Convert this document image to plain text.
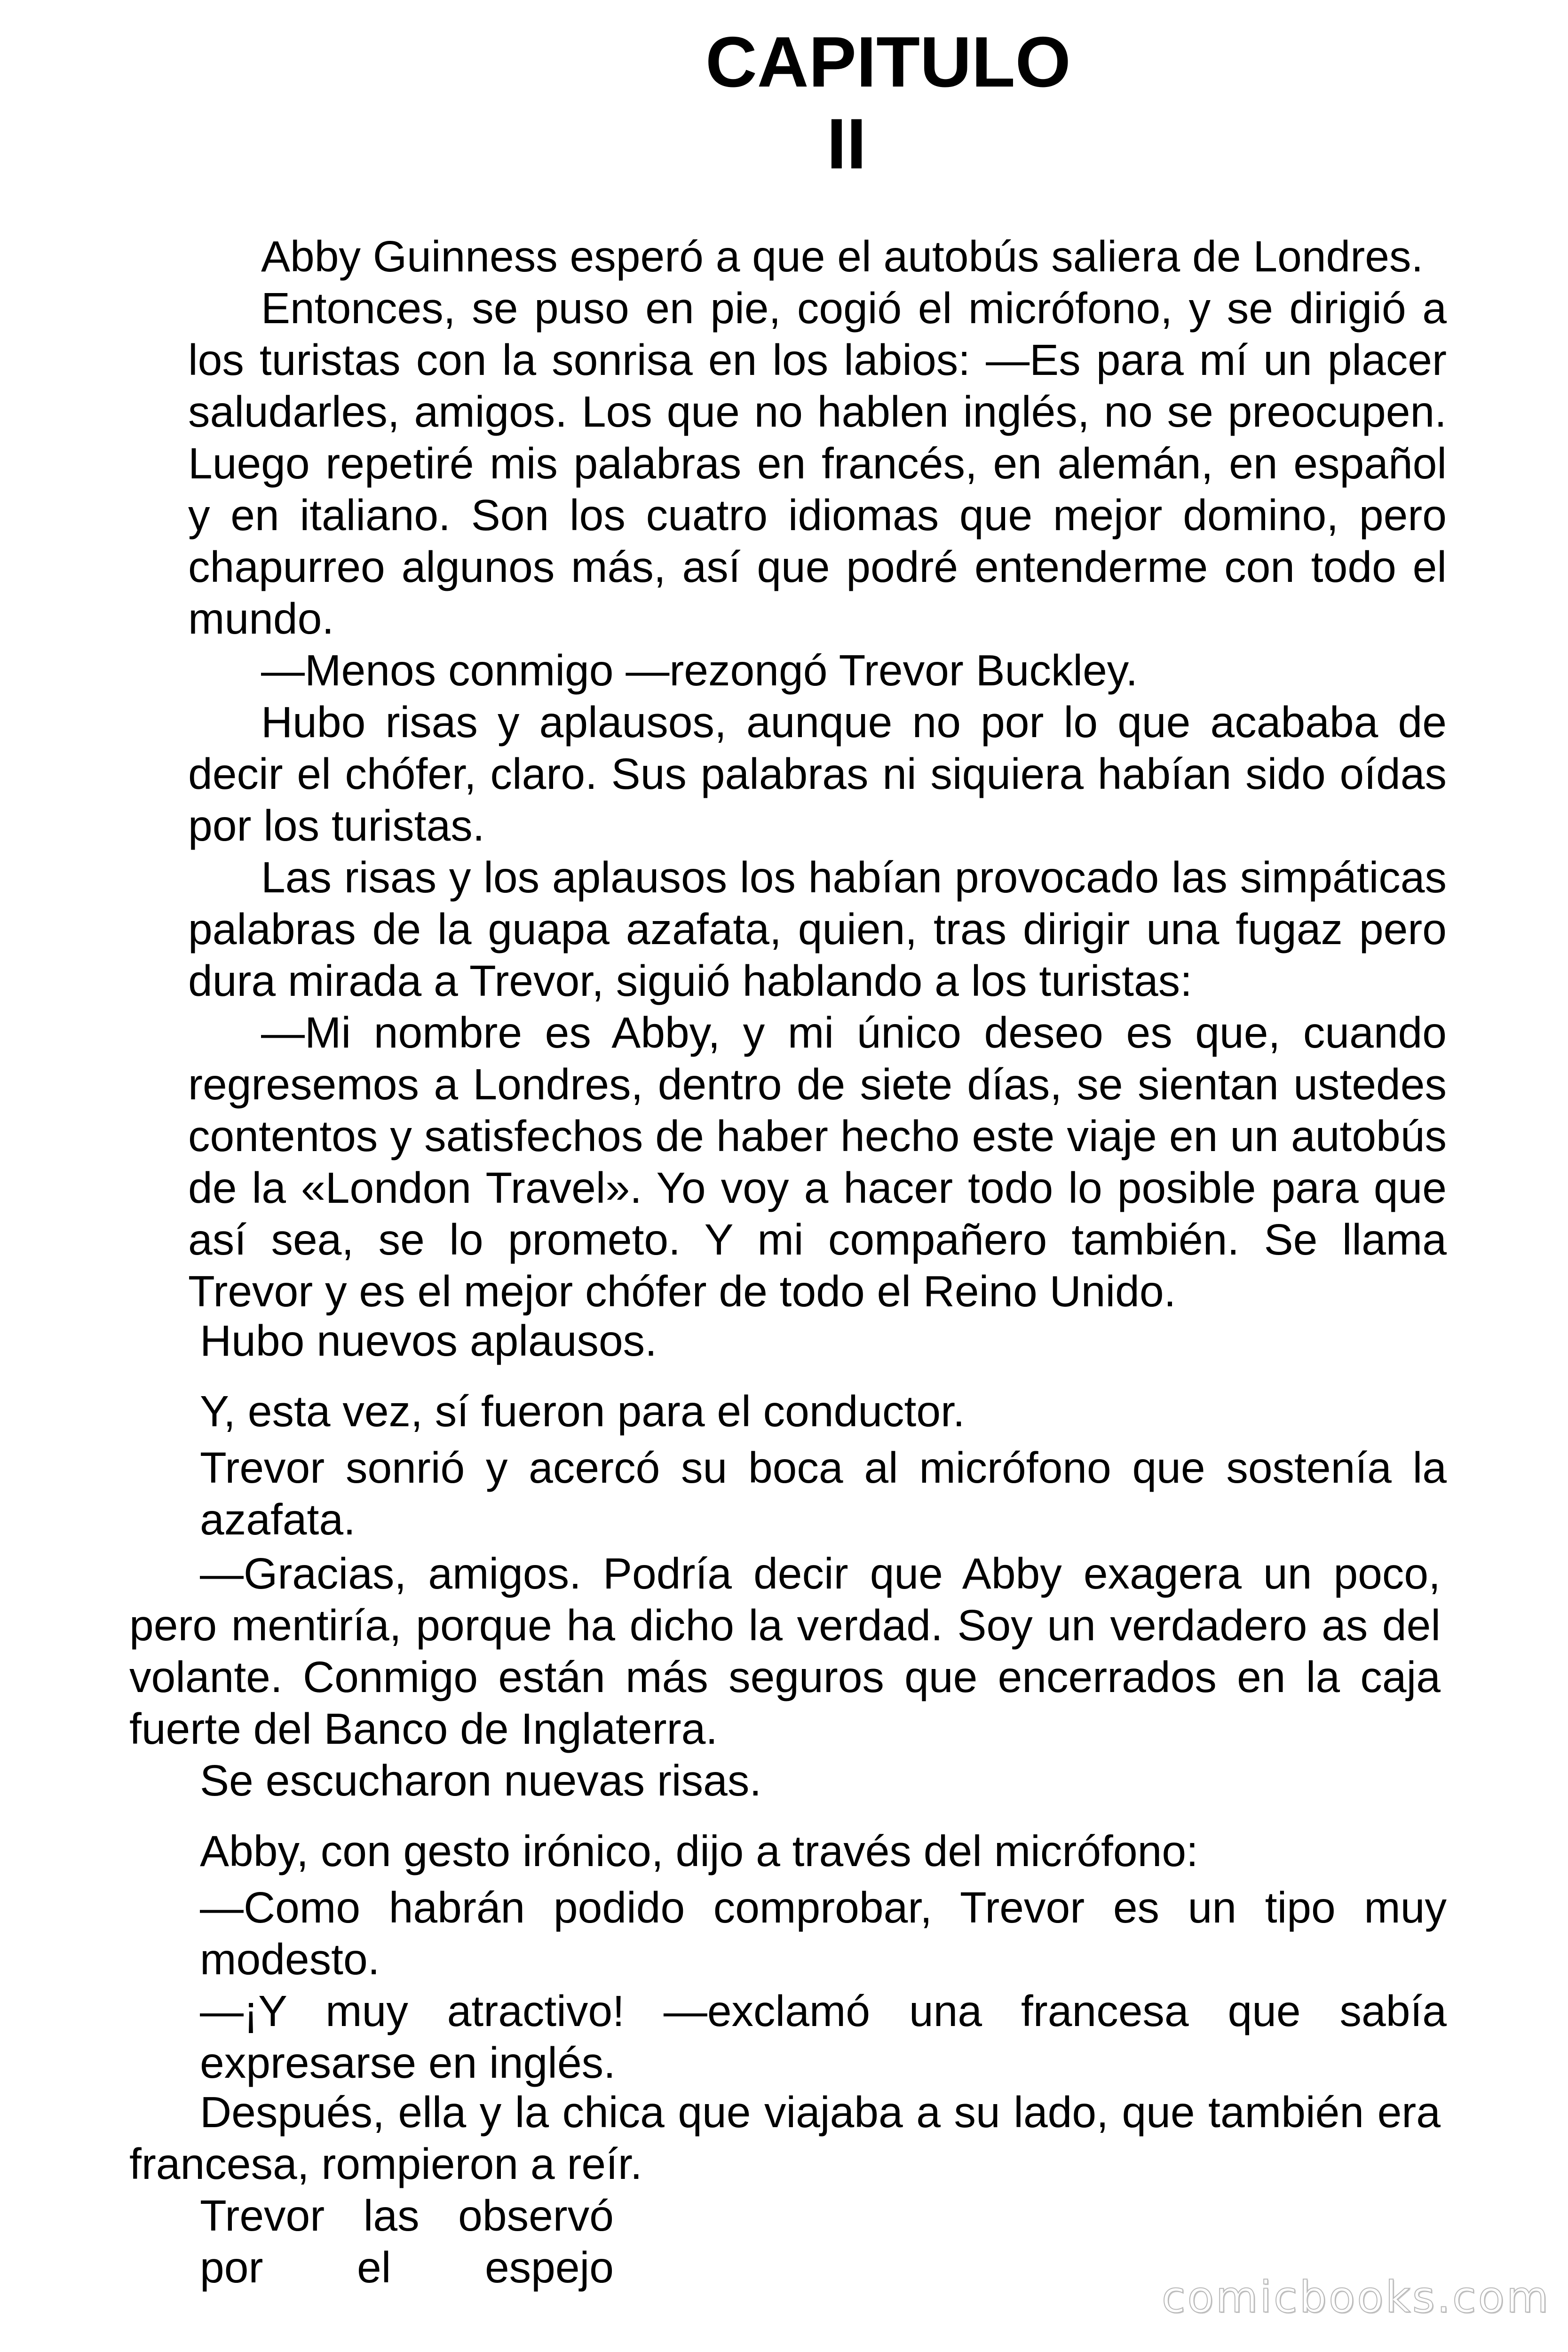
CAPITULO
II

Abby Guinness esperó a que el autobús saliera de Londres.

Entonces, se puso en pie, cogió el micrófono, y se dirigió a los turistas con la sonrisa en los labios: —Es para mí un placer saludarles, amigos. Los que no hablen inglés, no se preocupen. Luego repetiré mis palabras en francés, en alemán, en español y en italiano. Son los cuatro idiomas que mejor domino, pero chapurreo algunos más, así que podré entenderme con todo el mundo.

—Menos conmigo —rezongó Trevor Buckley.

Hubo risas y aplausos, aunque no por lo que acababa de decir el chófer, claro. Sus palabras ni siquiera habían sido oídas por los turistas.

Las risas y los aplausos los habían provocado las simpáticas palabras de la guapa azafata, quien, tras dirigir una fugaz pero dura mirada a Trevor, siguió hablando a los turistas:

—Mi nombre es Abby, y mi único deseo es que, cuando regresemos a Londres, dentro de siete días, se sientan ustedes contentos y satisfechos de haber hecho este viaje en un autobús de la «London Travel». Yo voy a hacer todo lo posible para que así sea, se lo prometo. Y mi compañero también. Se llama Trevor y es el mejor chófer de todo el Reino Unido.

Hubo nuevos aplausos.

Y, esta vez, sí fueron para el conductor.

Trevor sonrió y acercó su boca al micrófono que sostenía la azafata.

—Gracias, amigos. Podría decir que Abby exagera un poco, pero mentiría, porque ha dicho la verdad. Soy un verdadero as del volante. Conmigo están más seguros que encerrados en la caja fuerte del Banco de Inglaterra.

Se escucharon nuevas risas.

Abby, con gesto irónico, dijo a través del micrófono:

—Como habrán podido comprobar, Trevor es un tipo muy modesto.

—¡Y muy atractivo! —exclamó una francesa que sabía expresarse en inglés.

Después, ella y la chica que viajaba a su lado, que también era francesa, rompieron a reír.

Trevor las observó por el espejo

comicbooks.com
